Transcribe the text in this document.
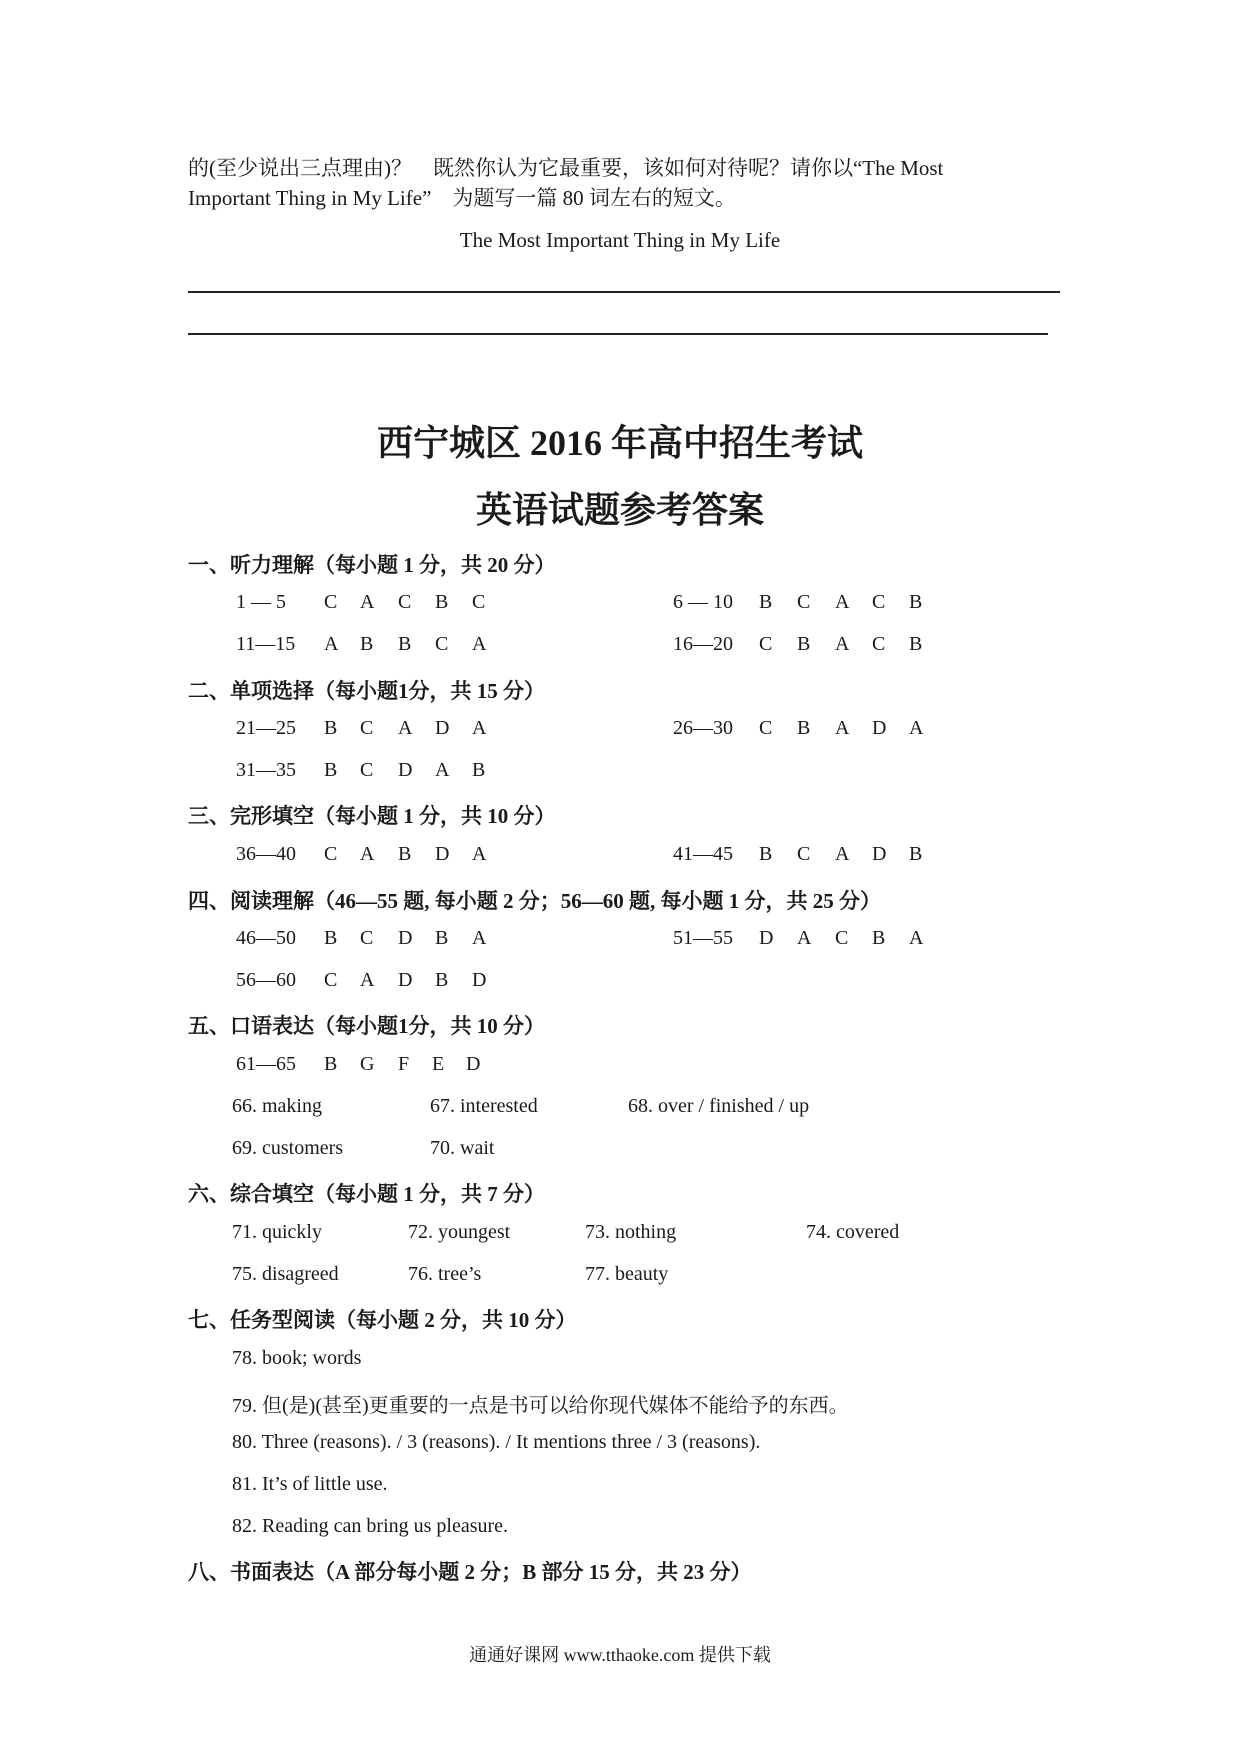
的(至少说出三点理由)？　既然你认为它最重要，该如何对待呢？请你以“The Most
Important Thing in My Life”　为题写一篇 80 词左右的短文。
The Most Important Thing in My Life
西宁城区 2016 年高中招生考试
英语试题参考答案
一、听力理解（每小题 1 分，共 20 分）
1 — 5 C A C B C	6 — 10 B C A C B
11—15 A B B C A	16—20 C B A C B
二、单项选择（每小题1分，共 15 分）
21—25 B C A D A	26—30 C B A D A
31—35 B C D A B
三、完形填空（每小题 1 分，共 10 分）
36—40 C A B D A	41—45 B C A D B
四、阅读理解（46—55 题, 每小题 2 分；56—60 题, 每小题 1 分，共 25 分）
46—50 B C D B A	51—55 D A C B A
56—60 C A D B D
五、口语表达（每小题1分，共 10 分）
61—65 B G F E D
66. making	67. interested	68. over / finished / up
69. customers	70. wait
六、综合填空（每小题 1 分，共 7 分）
71. quickly	72. youngest	73. nothing	74. covered
75. disagreed	76. tree’s	77. beauty
七、任务型阅读（每小题 2 分，共 10 分）
78. book; words
79. 但(是)(甚至)更重要的一点是书可以给你现代媒体不能给予的东西。
80. Three (reasons). / 3 (reasons). / It mentions three / 3 (reasons).
81. It’s of little use.
82. Reading can bring us pleasure.
八、书面表达（A 部分每小题 2 分；B 部分 15 分，共 23 分）
通通好课网 www.tthaoke.com 提供下载
